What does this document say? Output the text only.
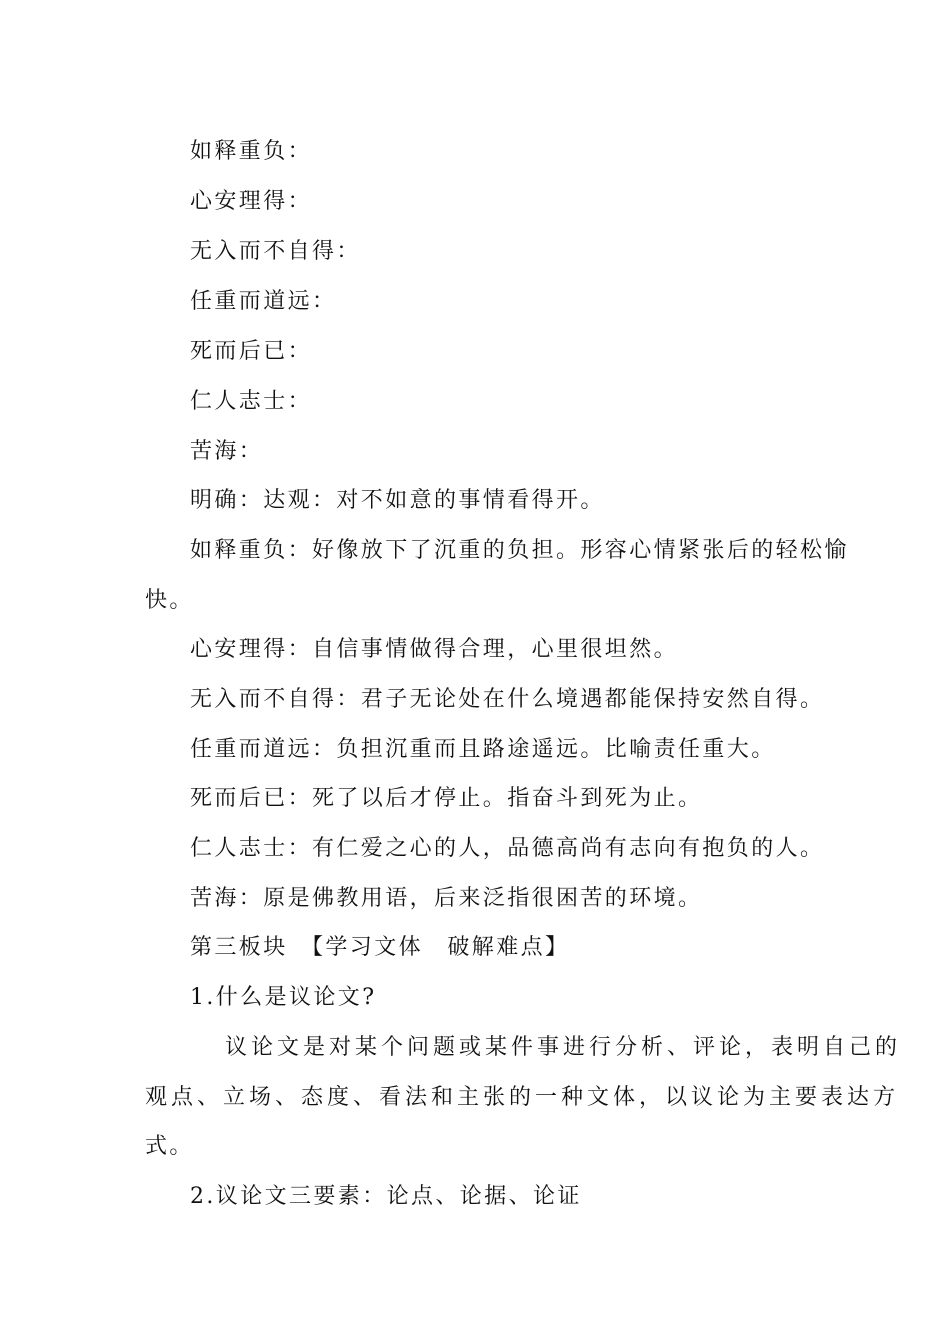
如释重负：
心安理得：
无入而不自得：
任重而道远：
死而后已：
仁人志士：
苦海：
明确：达观：对不如意的事情看得开。
如释重负：好像放下了沉重的负担。形容心情紧张后的轻松愉
快。
心安理得：自信事情做得合理，心里很坦然。
无入而不自得：君子无论处在什么境遇都能保持安然自得。
任重而道远：负担沉重而且路途遥远。比喻责任重大。
死而后已：死了以后才停止。指奋斗到死为止。
仁人志士：有仁爱之心的人，品德高尚有志向有抱负的人。
苦海：原是佛教用语，后来泛指很困苦的环境。
第三板块　【学习文体　破解难点】
1.什么是议论文?
议论文是对某个问题或某件事进行分析、评论，表明自己的
观点、立场、态度、看法和主张的一种文体，以议论为主要表达方
式。
2.议论文三要素：论点、论据、论证
